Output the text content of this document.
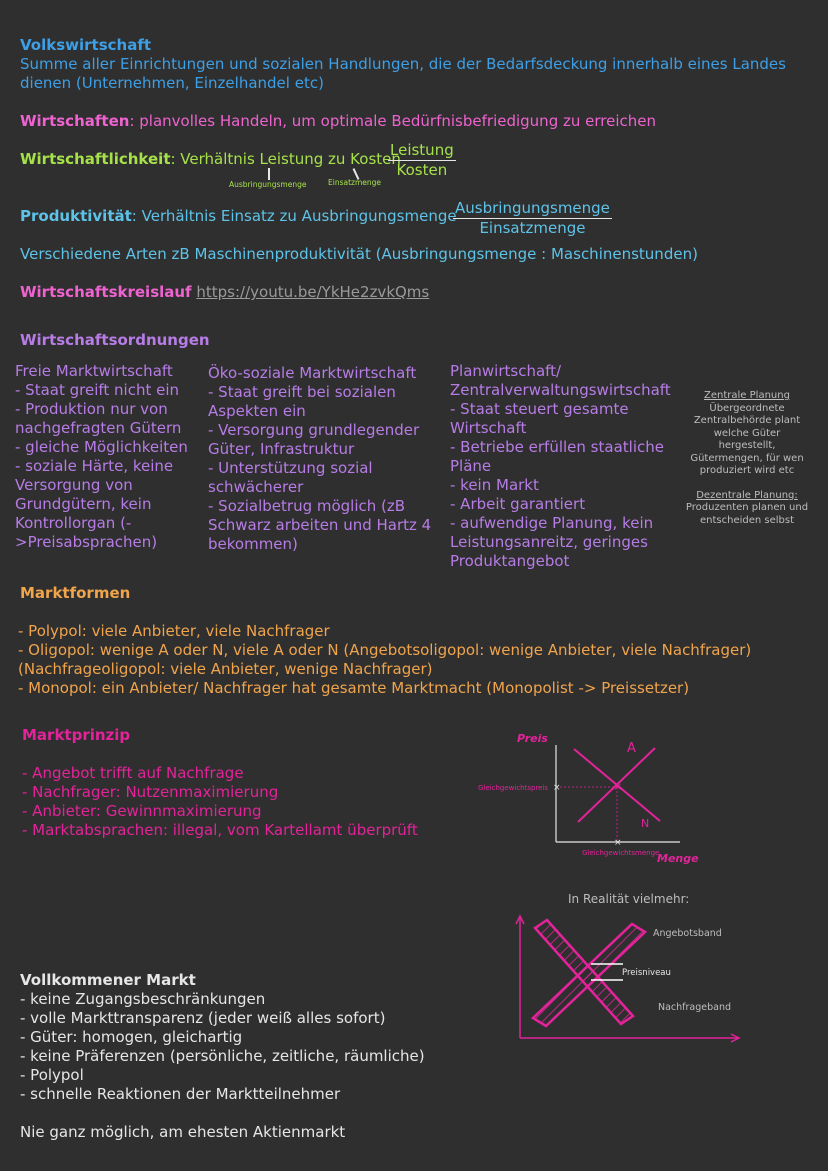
Volkswirtschaft
Summe aller Einrichtungen und sozialen Handlungen, die der Bedarfsdeckung innerhalb eines Landes
dienen (Unternehmen, Einzelhandel etc)
Wirtschaften: planvolles Handeln, um optimale Bedürfnisbefriedigung zu erreichen
Wirtschaftlichkeit: Verhältnis Leistung zu Kosten
Leistung
Kosten
Ausbringungsmenge	Einsatzmenge
Produktivität: Verhältnis Einsatz zu Ausbringungsmenge
Ausbringungsmenge
Einsatzmenge
Verschiedene Arten zB Maschinenproduktivität (Ausbringungsmenge : Maschinenstunden)
Wirtschaftskreislauf https://youtu.be/YkHe2zvkQms
Wirtschaftsordnungen
Freie Marktwirtschaft
- Staat greift nicht ein
- Produktion nur von
nachgefragten Gütern
- gleiche Möglichkeiten
- soziale Härte, keine
Versorgung von
Grundgütern, kein
Kontrollorgan (-
>Preisabsprachen)
Öko-soziale Marktwirtschaft
- Staat greift bei sozialen
Aspekten ein
- Versorgung grundlegender
Güter, Infrastruktur
- Unterstützung sozial
schwächerer
- Sozialbetrug möglich (zB
Schwarz arbeiten und Hartz 4
bekommen)
Planwirtschaft/
Zentralverwaltungswirtschaft
- Staat steuert gesamte
Wirtschaft
- Betriebe erfüllen staatliche
Pläne
- kein Markt
- Arbeit garantiert
- aufwendige Planung, kein
Leistungsanreitz, geringes
Produktangebot
Zentrale Planung
Übergeordnete
Zentralbehörde plant
welche Güter hergestellt,
Gütermengen, für wen
produziert wird etc
Dezentrale Planung:
Produzenten planen und
entscheiden selbst
Marktformen
- Polypol: viele Anbieter, viele Nachfrager
- Oligopol: wenige A oder N, viele A oder N (Angebotsoligopol: wenige Anbieter, viele Nachfrager)
(Nachfrageoligopol: viele Anbieter, wenige Nachfrager)
- Monopol: ein Anbieter/ Nachfrager hat gesamte Marktmacht (Monopolist -> Preissetzer)
Marktprinzip
- Angebot trifft auf Nachfrage
- Nachfrager: Nutzenmaximierung
- Anbieter: Gewinnmaximierung
- Marktabsprachen: illegal, vom Kartellamt überprüft
Preis
×	×
×
A
N
Gleichgewichtspreis
Gleichgewichtsmenge
Menge
In Realität vielmehr:
Preisniveau
Angebotsband
Nachfrageband
Vollkommener Markt
- keine Zugangsbeschränkungen
- volle Markttransparenz (jeder weiß alles sofort)
- Güter: homogen, gleichartig
- keine Präferenzen (persönliche, zeitliche, räumliche)
- Polypol
- schnelle Reaktionen der Marktteilnehmer
Nie ganz möglich, am ehesten Aktienmarkt
